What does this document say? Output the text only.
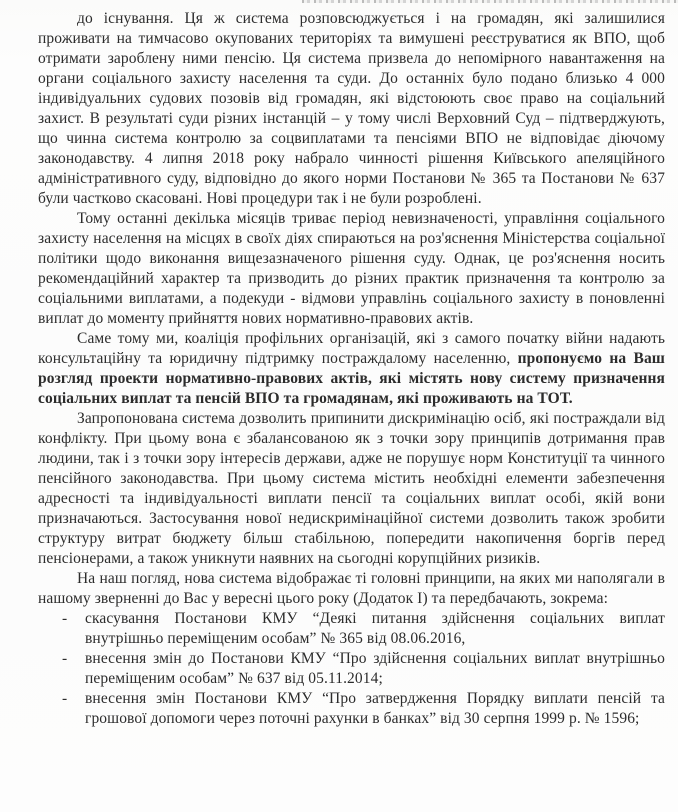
до існування. Ця ж система розповсюджується і на громадян, які залишилися проживати на тимчасово окупованих територіях та вимушені реєструватися як ВПО, щоб отримати зароблену ними пенсію. Ця система призвела до непомірного навантаження на органи соціального захисту населення та суди. До останніх було подано близько 4 000 індивідуальних судових позовів від громадян, які відстоюють своє право на соціальний захист. В результаті суди різних інстанцій – у тому числі Верховний Суд – підтверджують, що чинна система контролю за соцвиплатами та пенсіями ВПО не відповідає діючому законодавству. 4 липня 2018 року набрало чинності рішення Київського апеляційного адміністративного суду, відповідно до якого норми Постанови № 365 та Постанови № 637 були частково скасовані. Нові процедури так і не були розроблені.

Тому останні декілька місяців триває період невизначеності, управління соціального захисту населення на місцях в своїх діях спираються на роз'яснення Міністерства соціальної політики щодо виконання вищезазначеного рішення суду. Однак, це роз'яснення носить рекомендаційний характер та призводить до різних практик призначення та контролю за соціальними виплатами, а подекуди - відмови управлінь соціального захисту в поновленні виплат до моменту прийняття нових нормативно-правових актів.

Саме тому ми, коаліція профільних організацій, які з самого початку війни надають консультаційну та юридичну підтримку постраждалому населенню, пропонуємо на Ваш розгляд проекти нормативно-правових актів, які містять нову систему призначення соціальних виплат та пенсій ВПО та громадянам, які проживають на ТОТ.

Запропонована система дозволить припинити дискримінацію осіб, які постраждали від конфлікту. При цьому вона є збалансованою як з точки зору принципів дотримання прав людини, так і з точки зору інтересів держави, адже не порушує норм Конституції та чинного пенсійного законодавства. При цьому система містить необхідні елементи забезпечення адресності та індивідуальності виплати пенсії та соціальних виплат особі, якій вони призначаються. Застосування нової недискримінаційної системи дозволить також зробити структуру витрат бюджету більш стабільною, попередити накопичення боргів перед пенсіонерами, а також уникнути наявних на сьогодні корупційних ризиків.

На наш погляд, нова система відображає ті головні принципи, на яких ми наполягали в нашому зверненні до Вас у вересні цього року (Додаток І) та передбачають, зокрема:

-	скасування Постанови КМУ “Деякі питання здійснення соціальних виплат внутрішньо переміщеним особам” № 365 від 08.06.2016,
-	внесення змін до Постанови КМУ “Про здійснення соціальних виплат внутрішньо переміщеним особам” № 637 від 05.11.2014;
-	внесення змін Постанови КМУ “Про затвердження Порядку виплати пенсій та грошової допомоги через поточні рахунки в банках” від 30 серпня 1999 р. № 1596;
